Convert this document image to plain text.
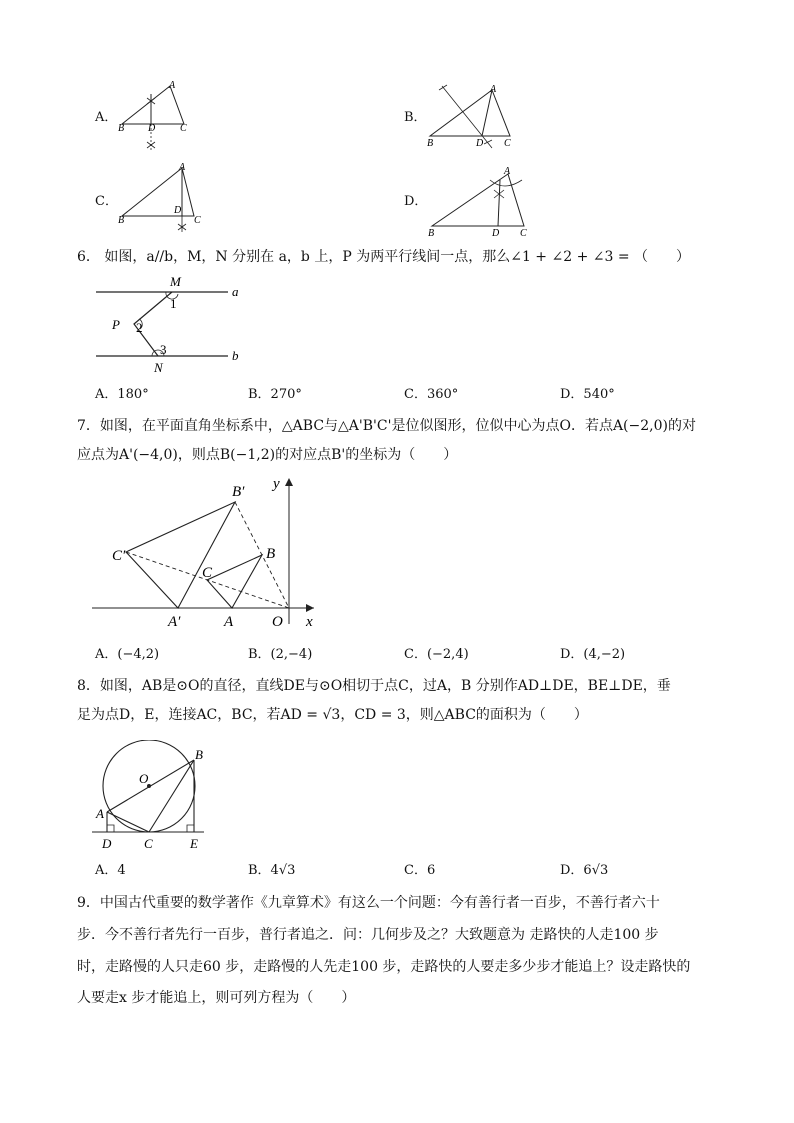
A．
A
B D C
B．
A
B	D C
C．
A
B
D
C
D．
A
B	D C
6． 如图，a//b，M，N 分别在 a，b 上，P 为两平行线间一点，那么∠1 + ∠2 + ∠3 = （　　）
M
1
P 2
3
N
a
b
A．180°	B．270°	C．360°	D．540°
7．如图，在平面直角坐标系中，△ABC与△A'B'C'是位似图形，位似中心为点O．若点A(−2,0)的对
应点为A'(−4,0)，则点B(−1,2)的对应点B'的坐标为（　　）
B′
C′
A′	A
B
C
O x
y
A．(−4,2)	B．(2,−4)	C．(−2,4)	D．(4,−2)
8．如图，AB是⊙O的直径，直线DE与⊙O相切于点C，过A，B 分别作AD⊥DE，BE⊥DE，垂
足为点D，E，连接AC，BC，若AD = √3，CD = 3，则△ABC的面积为（　　）
O
A
B
C
D	E
A．4	B．4√3	C．6	D．6√3
9．中国古代重要的数学著作《九章算术》有这么一个问题：今有善行者一百步，不善行者六十
步．今不善行者先行一百步，普行者追之．问：几何步及之？大致题意为 走路快的人走100 步
时，走路慢的人只走60 步，走路慢的人先走100 步，走路快的人要走多少步才能追上？设走路快的
人要走x 步才能追上，则可列方程为（　　）
